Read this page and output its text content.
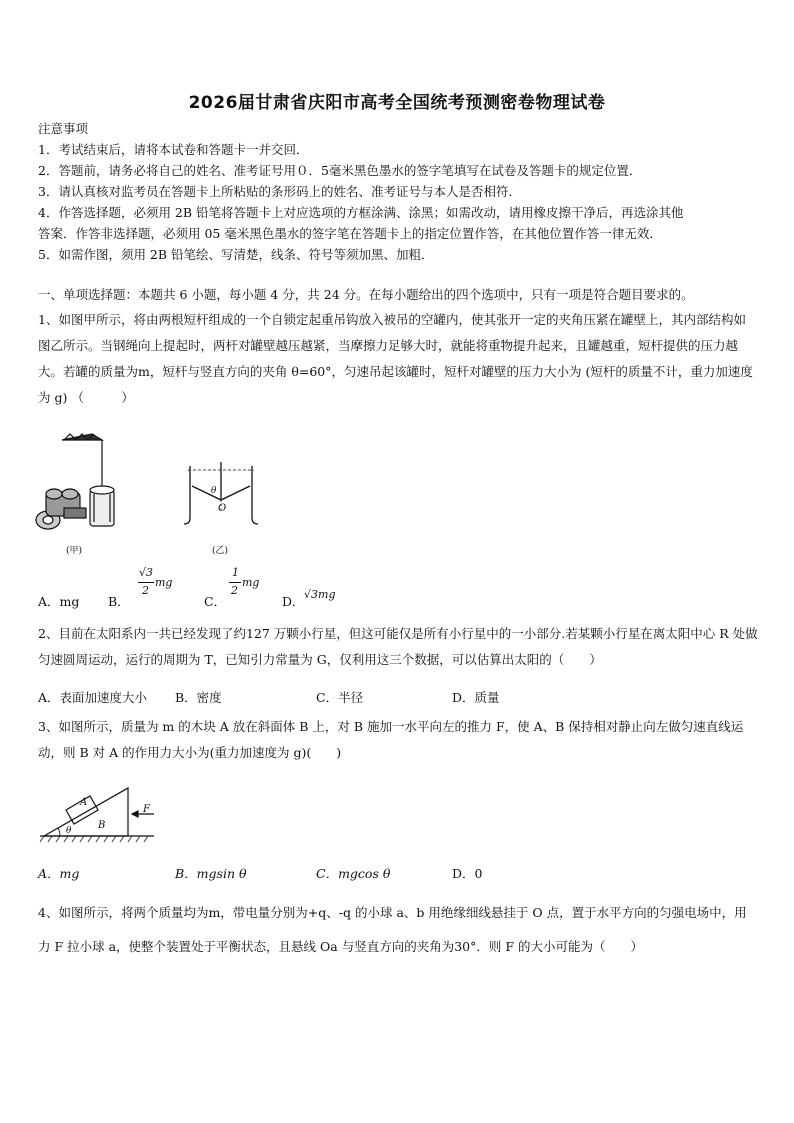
2026届甘肃省庆阳市高考全国统考预测密卷物理试卷
注意事项
1．考试结束后，请将本试卷和答题卡一并交回．
2．答题前，请务必将自己的姓名、准考证号用０．5毫米黑色墨水的签字笔填写在试卷及答题卡的规定位置．
3．请认真核对监考员在答题卡上所粘贴的条形码上的姓名、准考证号与本人是否相符．
4．作答选择题，必须用 2B 铅笔将答题卡上对应选项的方框涂满、涂黑；如需改动，请用橡皮擦干净后，再选涂其他
答案．作答非选择题，必须用 05 毫米黑色墨水的签字笔在答题卡上的指定位置作答，在其他位置作答一律无效．
5．如需作图，须用 2B 铅笔绘、写清楚，线条、符号等须加黑、加粗．
一、单项选择题：本题共 6 小题，每小题 4 分，共 24 分。在每小题给出的四个选项中，只有一项是符合题目要求的。

1、如图甲所示，将由两根短杆组成的一个自锁定起重吊钩放入被吊的空罐内，使其张开一定的夹角压紧在罐壁上，其内部结构如图乙所示。当钢绳向上提起时，两杆对罐壁越压越紧，当摩擦力足够大时，就能将重物提升起来，且罐越重，短杆提供的压力越大。若罐的质量为m，短杆与竖直方向的夹角 θ=60°，匀速吊起该罐时，短杆对罐壁的压力大小为 (短杆的质量不计，重力加速度为 g) （　　　）

(甲)
θ
O
(乙)
A．mg B．
√3
2
mg
C．
1
2
mg
D． √3mg

2、目前在太阳系内一共已经发现了约127 万颗小行星，但这可能仅是所有小行星中的一小部分.若某颗小行星在离太阳中心 R 处做匀速圆周运动，运行的周期为 T，已知引力常量为 G，仅利用这三个数据，可以估算出太阳的（　　）

A．表面加速度大小 B．密度	C．半径	D．质量

3、如图所示，质量为 m 的木块 A 放在斜面体 B 上，对 B 施加一水平向左的推力 F，使 A、B 保持相对静止向左做匀速直线运动，则 B 对 A 的作用力大小为(重力加速度为 g)(　　)

A
B
F
θ
A．mg	B．mgsin θ	C．mgcos θ	D．0

4、如图所示，将两个质量均为m，带电量分别为+q、-q 的小球 a、b 用绝缘细线悬挂于 O 点，置于水平方向的匀强电场中，用力 F 拉小球 a，使整个装置处于平衡状态，且悬线 Oa 与竖直方向的夹角为30°．则 F 的大小可能为（　　）
